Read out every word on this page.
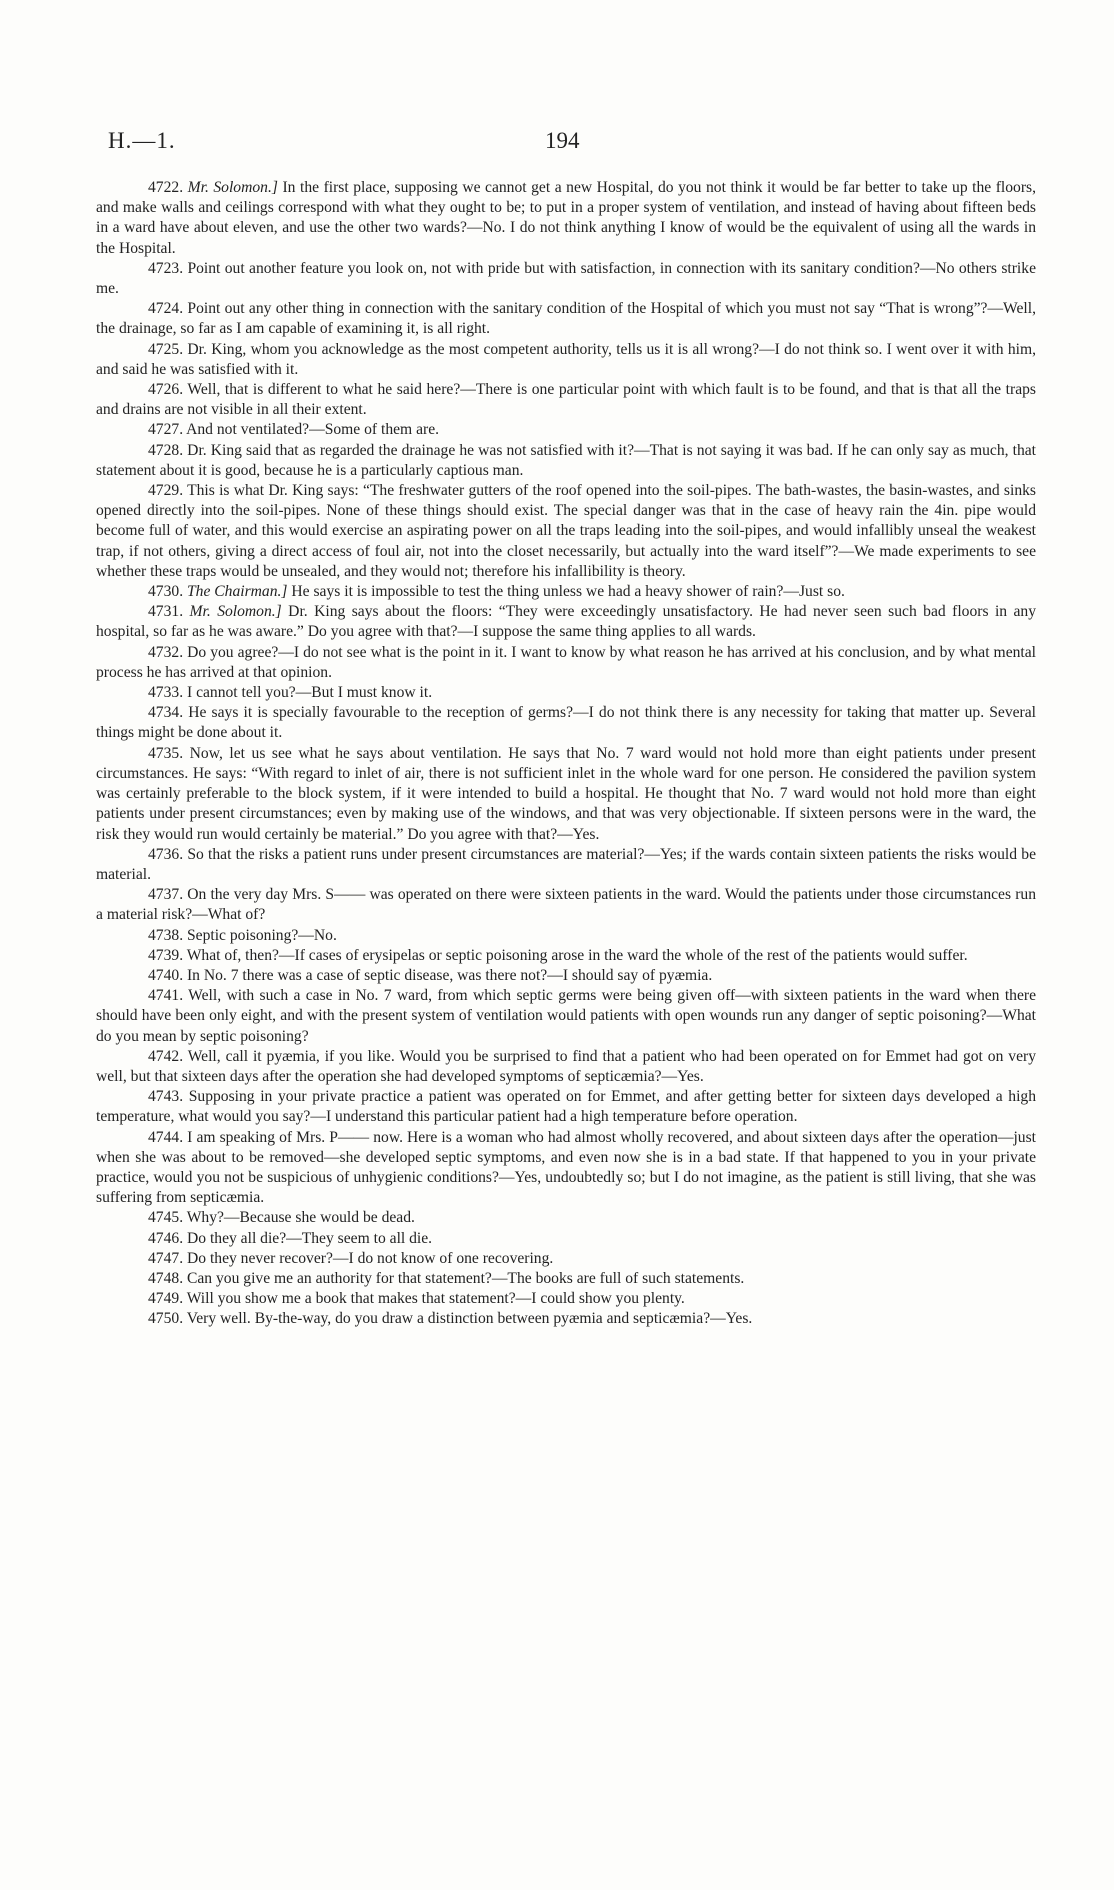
H.—1.	194

4722. Mr. Solomon.] In the first place, supposing we cannot get a new Hospital, do you not think it would be far better to take up the floors, and make walls and ceilings correspond with what they ought to be; to put in a proper system of ventilation, and instead of having about fifteen beds in a ward have about eleven, and use the other two wards?—No. I do not think anything I know of would be the equivalent of using all the wards in the Hospital.

4723. Point out another feature you look on, not with pride but with satisfaction, in connection with its sanitary condition?—No others strike me.

4724. Point out any other thing in connection with the sanitary condition of the Hospital of which you must not say “That is wrong”?—Well, the drainage, so far as I am capable of examining it, is all right.

4725. Dr. King, whom you acknowledge as the most competent authority, tells us it is all wrong?—I do not think so. I went over it with him, and said he was satisfied with it.

4726. Well, that is different to what he said here?—There is one particular point with which fault is to be found, and that is that all the traps and drains are not visible in all their extent.

4727. And not ventilated?—Some of them are.

4728. Dr. King said that as regarded the drainage he was not satisfied with it?—That is not saying it was bad. If he can only say as much, that statement about it is good, because he is a particularly captious man.

4729. This is what Dr. King says: “The freshwater gutters of the roof opened into the soil-pipes. The bath-wastes, the basin-wastes, and sinks opened directly into the soil-pipes. None of these things should exist. The special danger was that in the case of heavy rain the 4in. pipe would become full of water, and this would exercise an aspirating power on all the traps leading into the soil-pipes, and would infallibly unseal the weakest trap, if not others, giving a direct access of foul air, not into the closet necessarily, but actually into the ward itself”?—We made experiments to see whether these traps would be unsealed, and they would not; therefore his infallibility is theory.

4730. The Chairman.] He says it is impossible to test the thing unless we had a heavy shower of rain?—Just so.

4731. Mr. Solomon.] Dr. King says about the floors: “They were exceedingly unsatisfactory. He had never seen such bad floors in any hospital, so far as he was aware.” Do you agree with that?—I suppose the same thing applies to all wards.

4732. Do you agree?—I do not see what is the point in it. I want to know by what reason he has arrived at his conclusion, and by what mental process he has arrived at that opinion.

4733. I cannot tell you?—But I must know it.

4734. He says it is specially favourable to the reception of germs?—I do not think there is any necessity for taking that matter up. Several things might be done about it.

4735. Now, let us see what he says about ventilation. He says that No. 7 ward would not hold more than eight patients under present circumstances. He says: “With regard to inlet of air, there is not sufficient inlet in the whole ward for one person. He considered the pavilion system was certainly preferable to the block system, if it were intended to build a hospital. He thought that No. 7 ward would not hold more than eight patients under present circumstances; even by making use of the windows, and that was very objectionable. If sixteen persons were in the ward, the risk they would run would certainly be material.” Do you agree with that?—Yes.

4736. So that the risks a patient runs under present circumstances are material?—Yes; if the wards contain sixteen patients the risks would be material.

4737. On the very day Mrs. S—— was operated on there were sixteen patients in the ward. Would the patients under those circumstances run a material risk?—What of?

4738. Septic poisoning?—No.

4739. What of, then?—If cases of erysipelas or septic poisoning arose in the ward the whole of the rest of the patients would suffer.

4740. In No. 7 there was a case of septic disease, was there not?—I should say of pyæmia.

4741. Well, with such a case in No. 7 ward, from which septic germs were being given off—with sixteen patients in the ward when there should have been only eight, and with the present system of ventilation would patients with open wounds run any danger of septic poisoning?—What do you mean by septic poisoning?

4742. Well, call it pyæmia, if you like. Would you be surprised to find that a patient who had been operated on for Emmet had got on very well, but that sixteen days after the operation she had developed symptoms of septicæmia?—Yes.

4743. Supposing in your private practice a patient was operated on for Emmet, and after getting better for sixteen days developed a high temperature, what would you say?—I understand this particular patient had a high temperature before operation.

4744. I am speaking of Mrs. P—— now. Here is a woman who had almost wholly recovered, and about sixteen days after the operation—just when she was about to be removed—she developed septic symptoms, and even now she is in a bad state. If that happened to you in your private practice, would you not be suspicious of unhygienic conditions?—Yes, undoubtedly so; but I do not imagine, as the patient is still living, that she was suffering from septicæmia.

4745. Why?—Because she would be dead.

4746. Do they all die?—They seem to all die.

4747. Do they never recover?—I do not know of one recovering.

4748. Can you give me an authority for that statement?—The books are full of such statements.

4749. Will you show me a book that makes that statement?—I could show you plenty.

4750. Very well. By-the-way, do you draw a distinction between pyæmia and septicæmia?—Yes.
